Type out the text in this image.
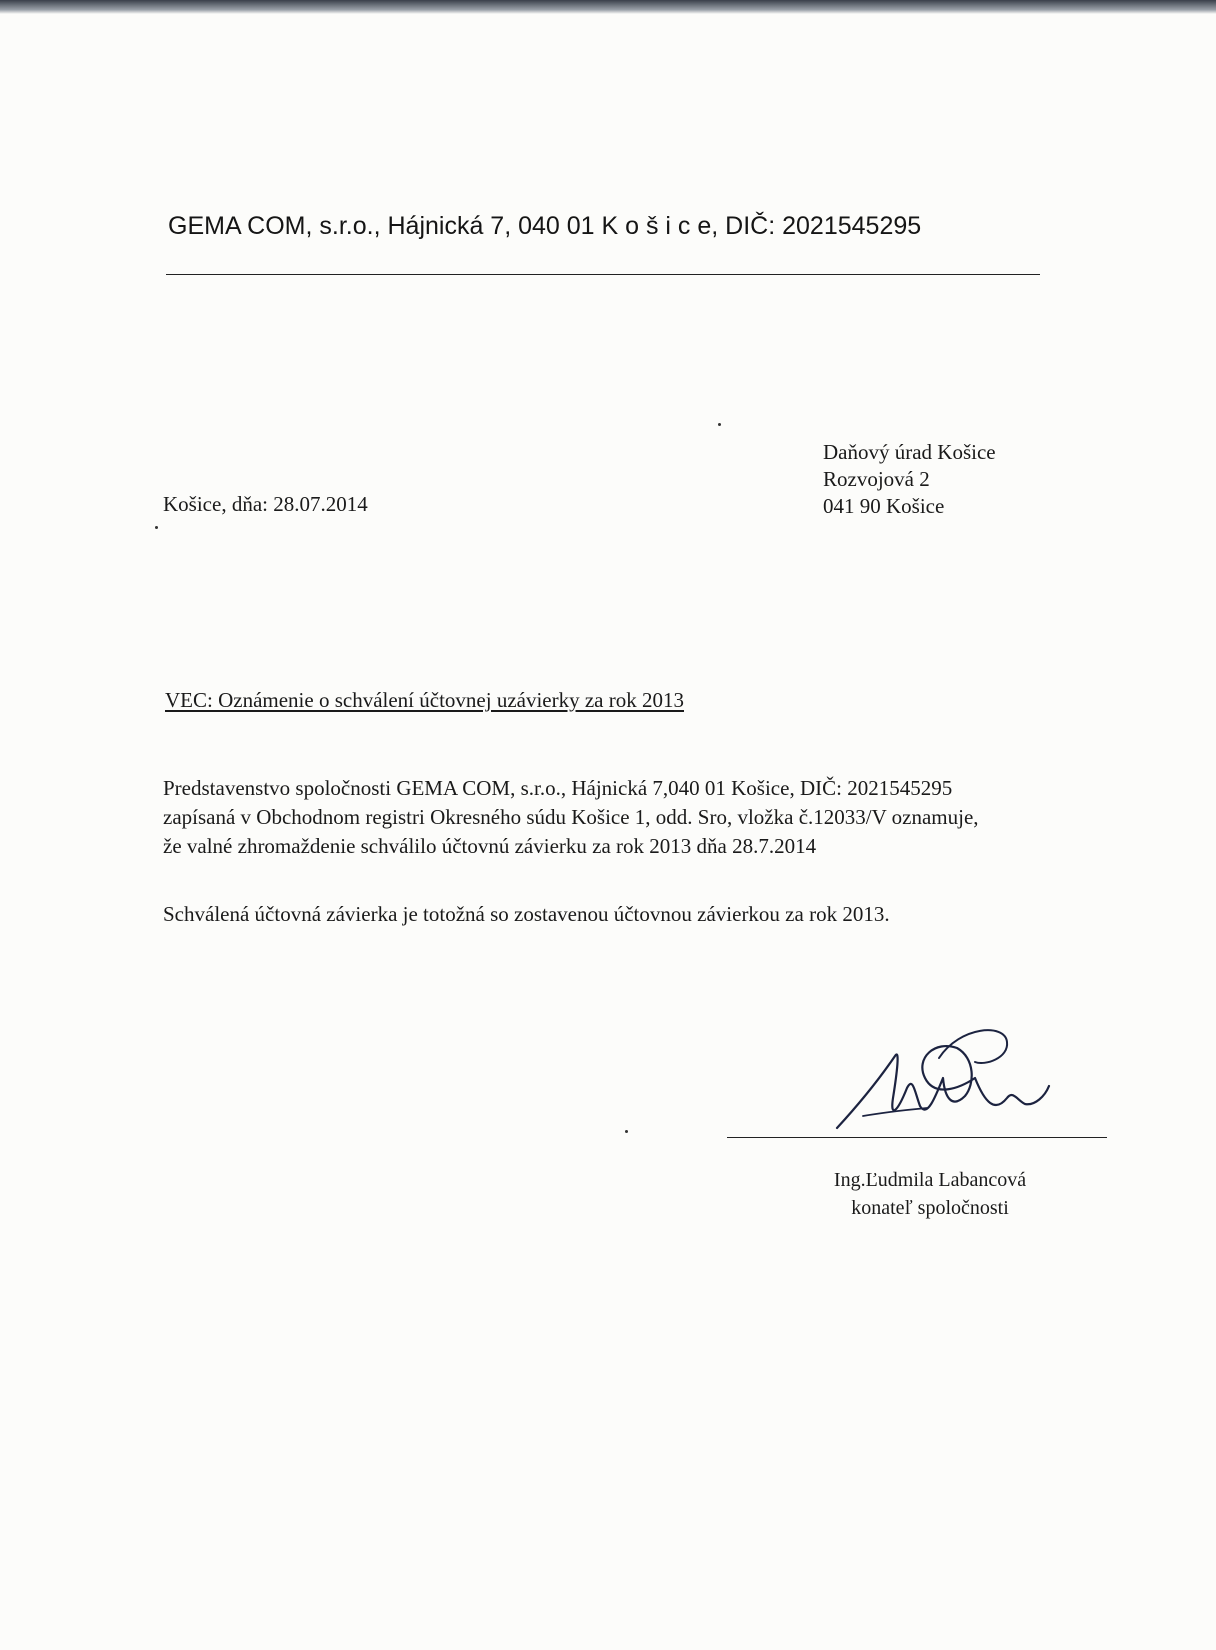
GEMA COM, s.r.o., Hájnická 7, 040 01 K o š i c e, DIČ: 2021545295
Košice, dňa: 28.07.2014
Daňový úrad Košice
Rozvojová 2
041 90 Košice
VEC: Oznámenie o schválení účtovnej uzávierky za rok 2013
Predstavenstvo spoločnosti GEMA COM, s.r.o., Hájnická 7,040 01 Košice, DIČ: 2021545295
zapísaná v Obchodnom registri Okresného súdu Košice 1, odd. Sro, vložka č.12033/V oznamuje,
že valné zhromaždenie schválilo účtovnú závierku za rok 2013 dňa 28.7.2014
Schválená účtovná závierka je totožná so zostavenou účtovnou závierkou za rok 2013.
Ing.Ľudmila Labancová
konateľ spoločnosti
